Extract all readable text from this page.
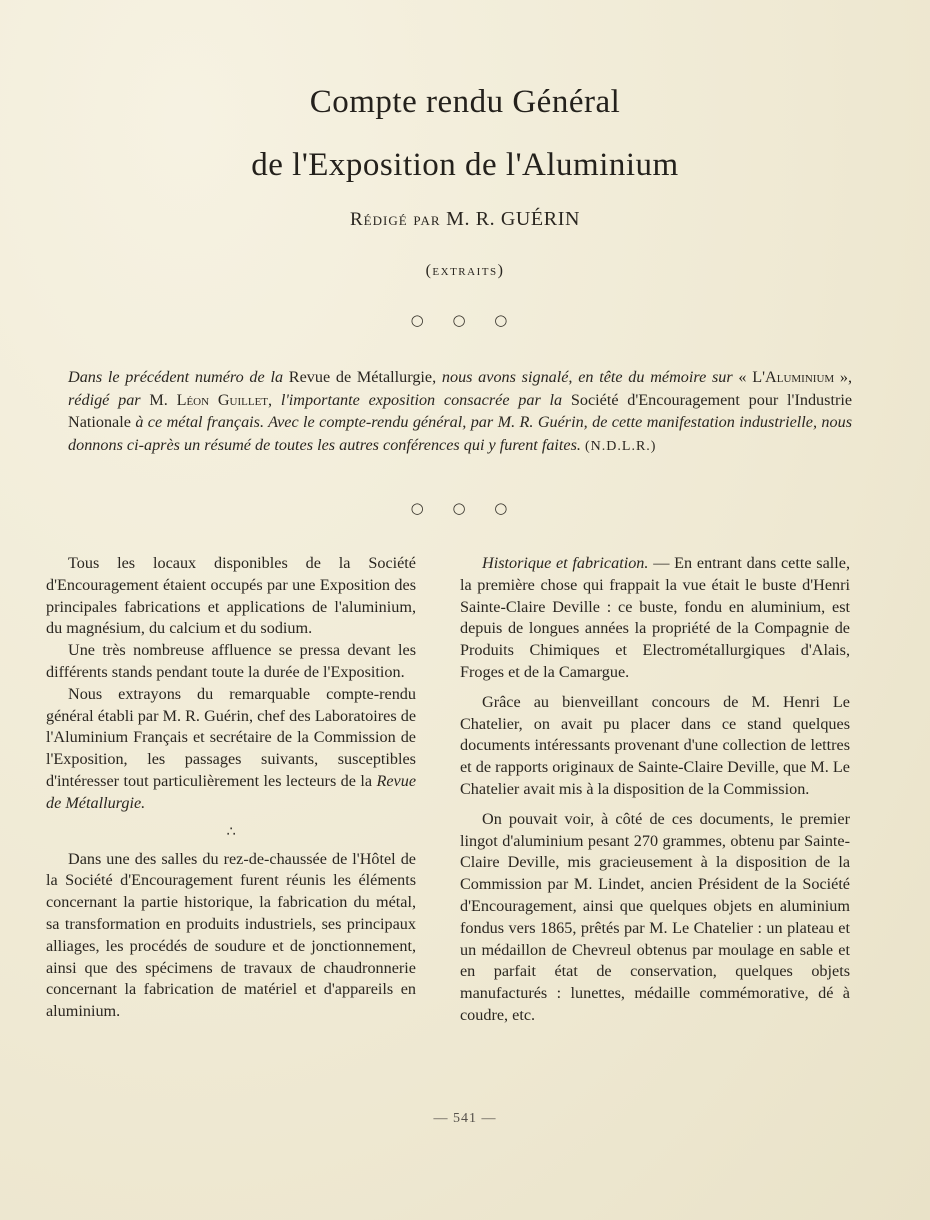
Compte rendu Général
de l'Exposition de l'Aluminium
Rédigé par M. R. GUÉRIN
(extraits)
○ ○ ○

Dans le précédent numéro de la Revue de Métallurgie, nous avons signalé, en tête du mémoire sur « L'Aluminium », rédigé par M. Léon Guillet, l'importante exposition consacrée par la Société d'Encouragement pour l'Industrie Nationale à ce métal français. Avec le compte-rendu général, par M. R. Guérin, de cette manifestation industrielle, nous donnons ci-après un résumé de toutes les autres conférences qui y furent faites. (N.D.L.R.)

○ ○ ○

Tous les locaux disponibles de la Société d'Encouragement étaient occupés par une Exposition des principales fabrications et applications de l'aluminium, du magnésium, du calcium et du sodium.

Une très nombreuse affluence se pressa devant les différents stands pendant toute la durée de l'Exposition.

Nous extrayons du remarquable compte-rendu général établi par M. R. Guérin, chef des Laboratoires de l'Aluminium Français et secrétaire de la Commission de l'Exposition, les passages suivants, susceptibles d'intéresser tout particulièrement les lecteurs de la Revue de Métallurgie.

∴

Dans une des salles du rez-de-chaussée de l'Hôtel de la Société d'Encouragement furent réunis les éléments concernant la partie historique, la fabrication du métal, sa transformation en produits industriels, ses principaux alliages, les procédés de soudure et de jonctionnement, ainsi que des spécimens de travaux de chaudronnerie concernant la fabrication de matériel et d'appareils en aluminium.

Historique et fabrication. — En entrant dans cette salle, la première chose qui frappait la vue était le buste d'Henri Sainte-Claire Deville : ce buste, fondu en aluminium, est depuis de longues années la propriété de la Compagnie de Produits Chimiques et Electrométallurgiques d'Alais, Froges et de la Camargue.

Grâce au bienveillant concours de M. Henri Le Chatelier, on avait pu placer dans ce stand quelques documents intéressants provenant d'une collection de lettres et de rapports originaux de Sainte-Claire Deville, que M. Le Chatelier avait mis à la disposition de la Commission.

On pouvait voir, à côté de ces documents, le premier lingot d'aluminium pesant 270 grammes, obtenu par Sainte-Claire Deville, mis gracieusement à la disposition de la Commission par M. Lindet, ancien Président de la Société d'Encouragement, ainsi que quelques objets en aluminium fondus vers 1865, prêtés par M. Le Chatelier : un plateau et un médaillon de Chevreul obtenus par moulage en sable et en parfait état de conservation, quelques objets manufacturés : lunettes, médaille commémorative, dé à coudre, etc.

— 541 —
